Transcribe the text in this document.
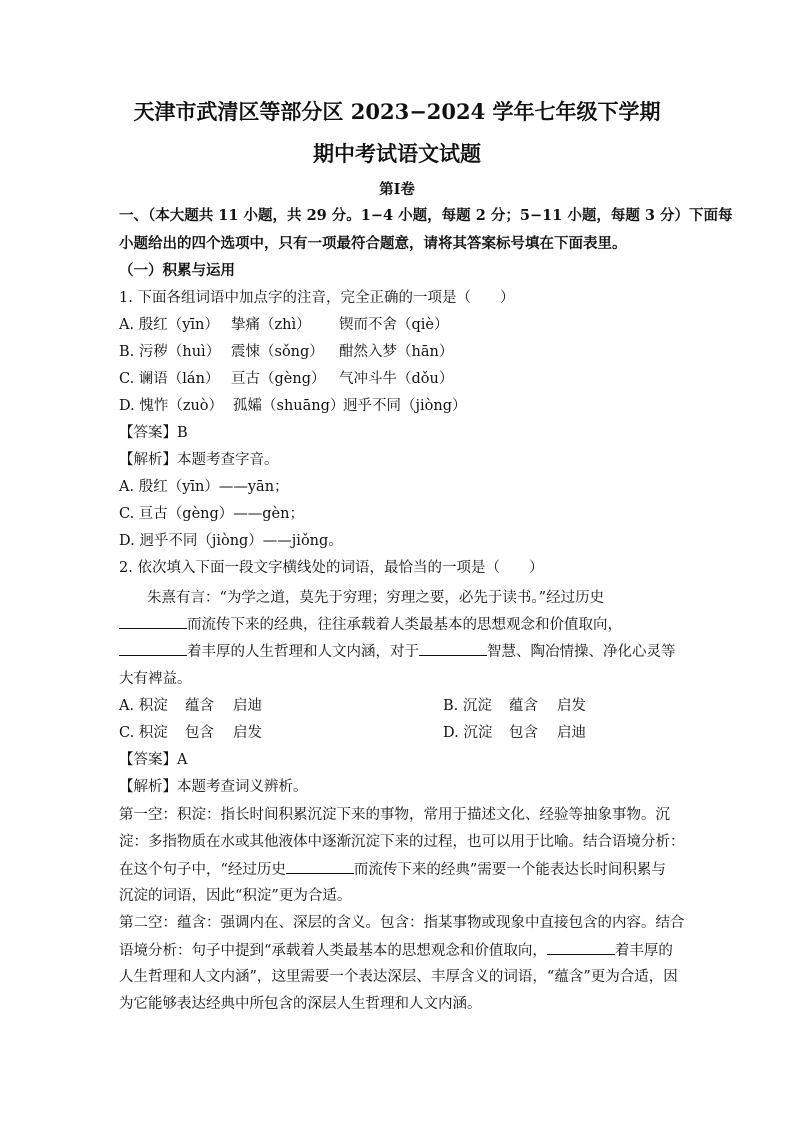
天津市武清区等部分区 2023−2024 学年七年级下学期
期中考试语文试题
第Ⅰ卷
一、（本大题共 11 小题，共 29 分。1−4 小题，每题 2 分；5−11 小题，每题 3 分）下面每
小题给出的四个选项中，只有一项最符合题意，请将其答案标号填在下面表里。
（一）积累与运用
1. 下面各组词语中加点字的注音，完全正确的一项是（　　）
A. 殷红（yīn） 挚痛（zhì） 锲而不舍（qiè）
B. 污秽（huì） 震悚（sǒng） 酣然入梦（hān）
C. 谰语（lán） 亘古（gèng） 气冲斗牛（dǒu）
D. 愧怍（zuò） 孤孀（shuāng）
迥乎不同（jiòng）
【答案】B
【解析】本题考查字音。
A. 殷红（yīn）——yān；
C. 亘古（gèng）——gèn；
D. 迥乎不同（jiòng）——jiǒng。
2. 依次填入下面一段文字横线处的词语，最恰当的一项是（　　）
朱熹有言：“为学之道，莫先于穷理；穷理之要，必先于读书。”经过历史
而流传下来的经典，往往承载着人类最基本的思想观念和价值取向，
着丰厚的人生哲理和人文内涵，对于	智慧、陶冶情操、净化心灵等
大有裨益。
A. 积淀 蕴含 启迪	B. 沉淀 蕴含 启发
C. 积淀 包含 启发	D. 沉淀 包含 启迪
【答案】A
【解析】本题考查词义辨析。
第一空：积淀：指长时间积累沉淀下来的事物，常用于描述文化、经验等抽象事物。沉
淀：多指物质在水或其他液体中逐渐沉淀下来的过程，也可以用于比喻。结合语境分析：
在这个句子中，“经过历史	而流传下来的经典”需要一个能表达长时间积累与
沉淀的词语，因此“积淀”更为合适。
第二空：蕴含：强调内在、深层的含义。包含：指某事物或现象中直接包含的内容。结合
语境分析：句子中提到“承载着人类最基本的思想观念和价值取向，	着丰厚的
人生哲理和人文内涵”，这里需要一个表达深层、丰厚含义的词语，“蕴含”更为合适，因
为它能够表达经典中所包含的深层人生哲理和人文内涵。
